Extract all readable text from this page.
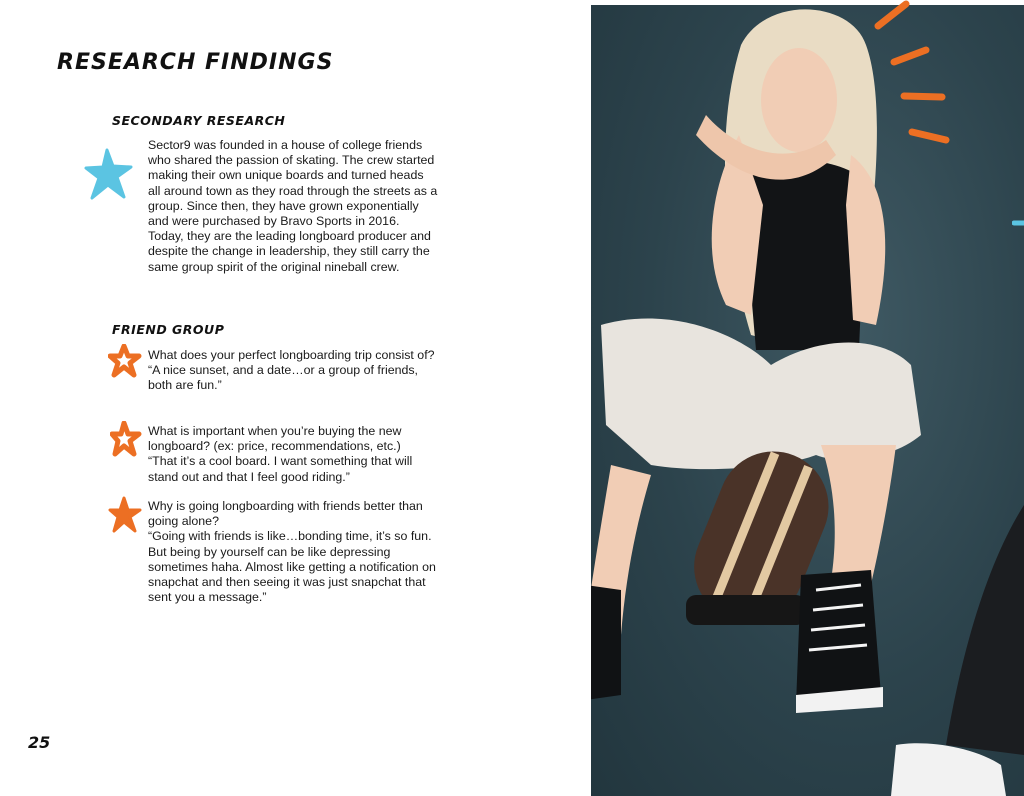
RESEARCH FINDINGS
SECONDARY RESEARCH
Sector9 was founded in a house of college friends who shared the passion of skating. The crew started making their own unique boards and turned heads all around town as they road through the streets as a group. Since then, they have grown exponentially and were purchased by Bravo Sports in 2016. Today, they are the leading longboard producer and despite the change in leadership, they still carry the same group spirit of the original nineball crew.
FRIEND GROUP
What does your perfect longboarding trip consist of?
“A nice sunset, and a date…or a group of friends, both are fun.”
What is important when you’re buying the new longboard? (ex: price, recommendations, etc.)
“That it’s a cool board. I want something that will stand out and that I feel good riding.”
Why is going longboarding with friends better than going alone?
“Going with friends is like…bonding time, it’s so fun. But being by yourself can be like depressing sometimes haha. Almost like getting a notification on snapchat and then seeing it was just snapchat that sent you a message.”
25
